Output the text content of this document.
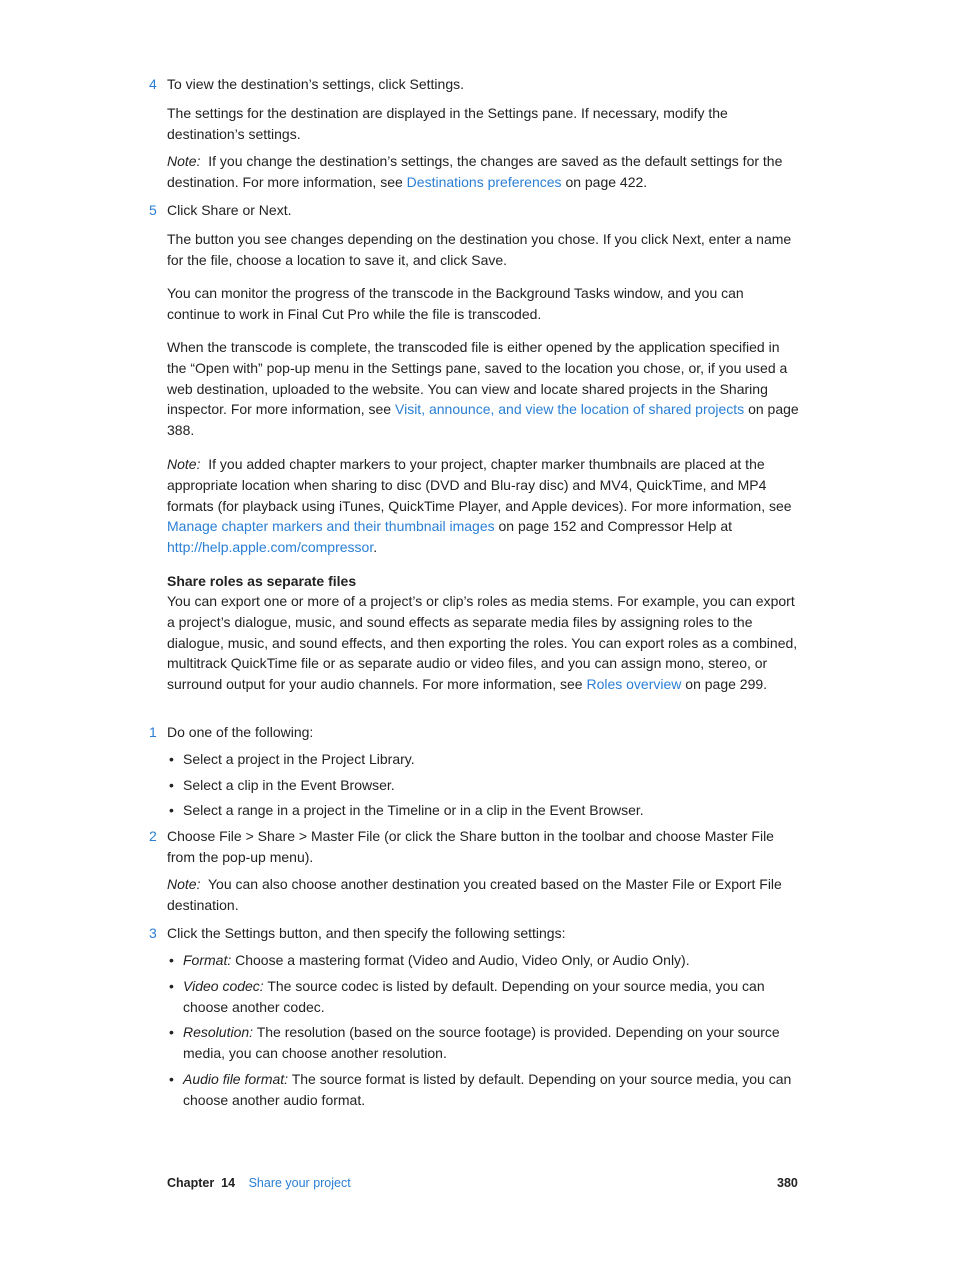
4 To view the destination’s settings, click Settings.
The settings for the destination are displayed in the Settings pane. If necessary, modify the destination’s settings.
Note: If you change the destination’s settings, the changes are saved as the default settings for the destination. For more information, see Destinations preferences on page 422.
5 Click Share or Next.
The button you see changes depending on the destination you chose. If you click Next, enter a name for the file, choose a location to save it, and click Save.
You can monitor the progress of the transcode in the Background Tasks window, and you can continue to work in Final Cut Pro while the file is transcoded.
When the transcode is complete, the transcoded file is either opened by the application specified in the “Open with” pop-up menu in the Settings pane, saved to the location you chose, or, if you used a web destination, uploaded to the website. You can view and locate shared projects in the Sharing inspector. For more information, see Visit, announce, and view the location of shared projects on page 388.
Note: If you added chapter markers to your project, chapter marker thumbnails are placed at the appropriate location when sharing to disc (DVD and Blu-ray disc) and MV4, QuickTime, and MP4 formats (for playback using iTunes, QuickTime Player, and Apple devices). For more information, see Manage chapter markers and their thumbnail images on page 152 and Compressor Help at http://help.apple.com/compressor.
Share roles as separate files
You can export one or more of a project’s or clip’s roles as media stems. For example, you can export a project’s dialogue, music, and sound effects as separate media files by assigning roles to the dialogue, music, and sound effects, and then exporting the roles. You can export roles as a combined, multitrack QuickTime file or as separate audio or video files, and you can assign mono, stereo, or surround output for your audio channels. For more information, see Roles overview on page 299.
1 Do one of the following:
• Select a project in the Project Library.
• Select a clip in the Event Browser.
• Select a range in a project in the Timeline or in a clip in the Event Browser.
2 Choose File > Share > Master File (or click the Share button in the toolbar and choose Master File from the pop-up menu).
Note: You can also choose another destination you created based on the Master File or Export File destination.
3 Click the Settings button, and then specify the following settings:
• Format: Choose a mastering format (Video and Audio, Video Only, or Audio Only).
• Video codec: The source codec is listed by default. Depending on your source media, you can choose another codec.
• Resolution: The resolution (based on the source footage) is provided. Depending on your source media, you can choose another resolution.
• Audio file format: The source format is listed by default. Depending on your source media, you can choose another audio format.
Chapter  14 Share your project	380
